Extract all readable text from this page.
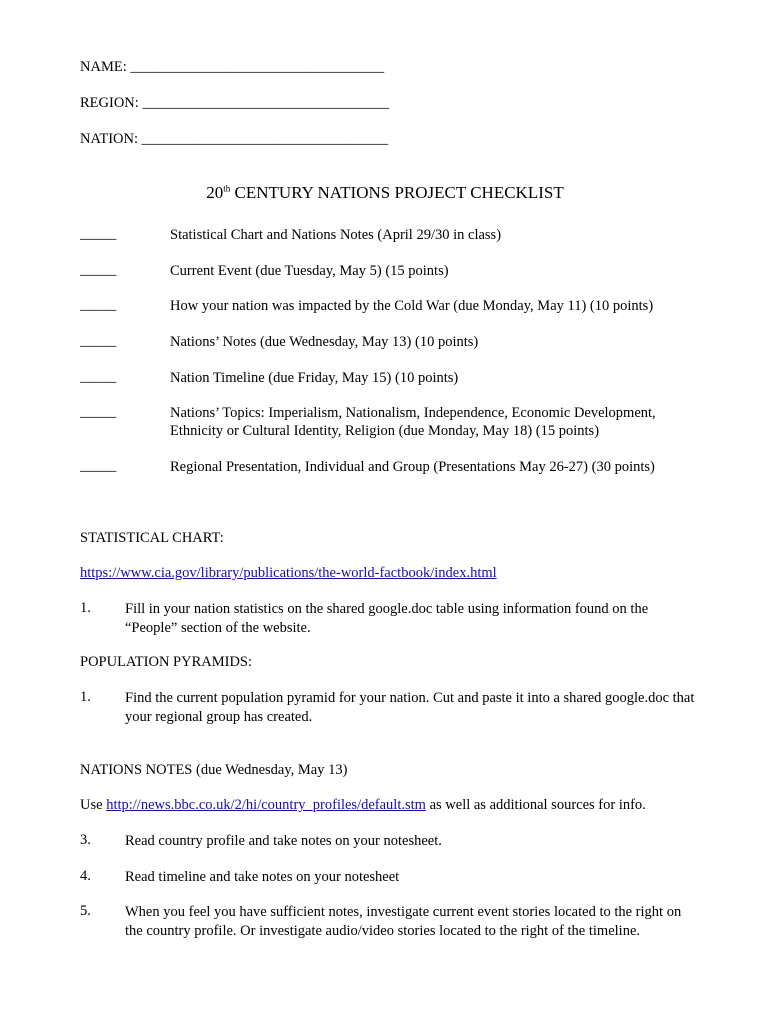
NAME: ___________________________________
REGION: __________________________________
NATION: __________________________________
20th CENTURY NATIONS PROJECT CHECKLIST
_____	Statistical Chart and Nations Notes (April 29/30 in class)
_____	Current Event (due Tuesday, May 5) (15 points)
_____	How your nation was impacted by the Cold War (due Monday, May 11) (10 points)
_____	Nations’ Notes (due Wednesday, May 13) (10 points)
_____	Nation Timeline (due Friday, May 15) (10 points)
_____	Nations’ Topics: Imperialism, Nationalism, Independence, Economic Development, Ethnicity or Cultural Identity, Religion (due Monday, May 18) (15 points)
_____	Regional Presentation, Individual and Group (Presentations May 26-27) (30 points)
STATISTICAL CHART:
https://www.cia.gov/library/publications/the-world-factbook/index.html
1. Fill in your nation statistics on the shared google.doc table using information found on the “People” section of the website.
POPULATION PYRAMIDS:
1. Find the current population pyramid for your nation. Cut and paste it into a shared google.doc that your regional group has created.
NATIONS NOTES (due Wednesday, May 13)
Use http://news.bbc.co.uk/2/hi/country_profiles/default.stm as well as additional sources for info.
3. Read country profile and take notes on your notesheet.
4. Read timeline and take notes on your notesheet
5. When you feel you have sufficient notes, investigate current event stories located to the right on the country profile. Or investigate audio/video stories located to the right of the timeline.
